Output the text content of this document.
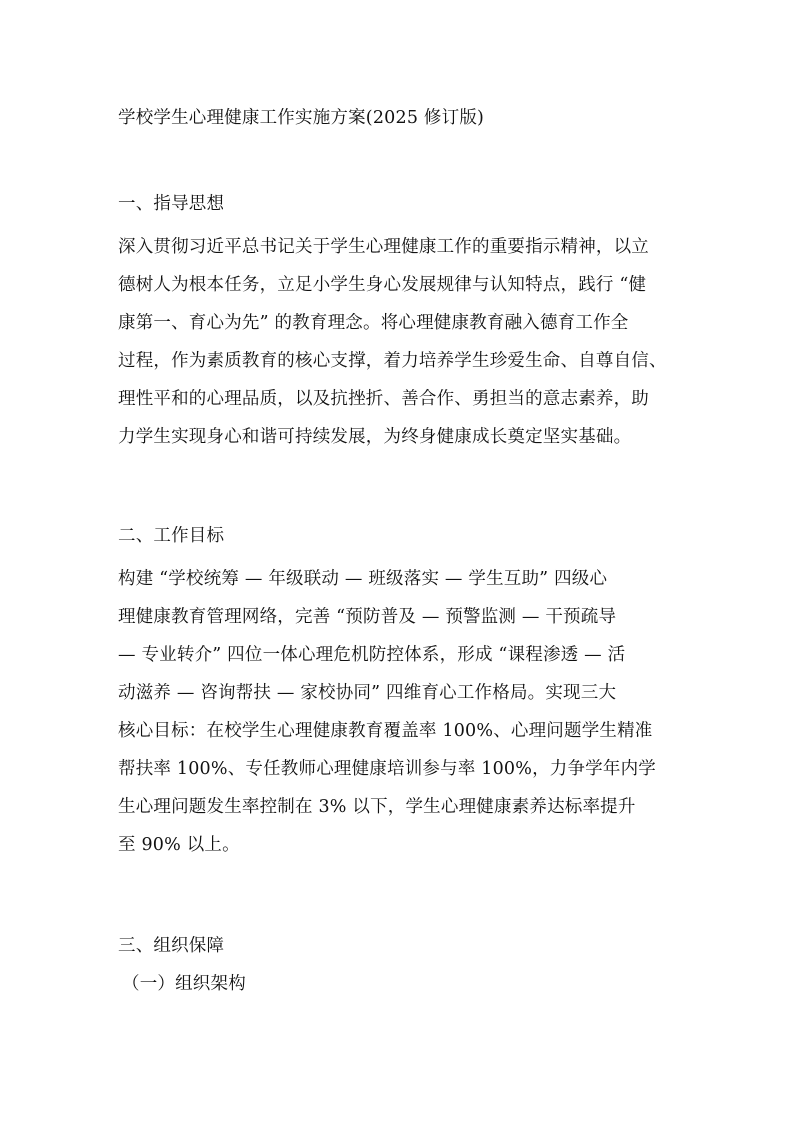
学校学生心理健康工作实施方案(2025 修订版)
一、指导思想
深入贯彻习近平总书记关于学生心理健康工作的重要指示精神，以立
德树人为根本任务，立足小学生身心发展规律与认知特点，践行 “健
康第一、育心为先” 的教育理念。将心理健康教育融入德育工作全
过程，作为素质教育的核心支撑，着力培养学生珍爱生命、自尊自信、
理性平和的心理品质，以及抗挫折、善合作、勇担当的意志素养，助
力学生实现身心和谐可持续发展，为终身健康成长奠定坚实基础。
二、工作目标
构建 “学校统筹 — 年级联动 — 班级落实 — 学生互助” 四级心
理健康教育管理网络，完善 “预防普及 — 预警监测 — 干预疏导
— 专业转介” 四位一体心理危机防控体系，形成 “课程渗透 — 活
动滋养 — 咨询帮扶 — 家校协同” 四维育心工作格局。实现三大
核心目标：在校学生心理健康教育覆盖率 100%、心理问题学生精准
帮扶率 100%、专任教师心理健康培训参与率 100%，力争学年内学
生心理问题发生率控制在 3% 以下，学生心理健康素养达标率提升
至 90% 以上。
三、组织保障
（一）组织架构
